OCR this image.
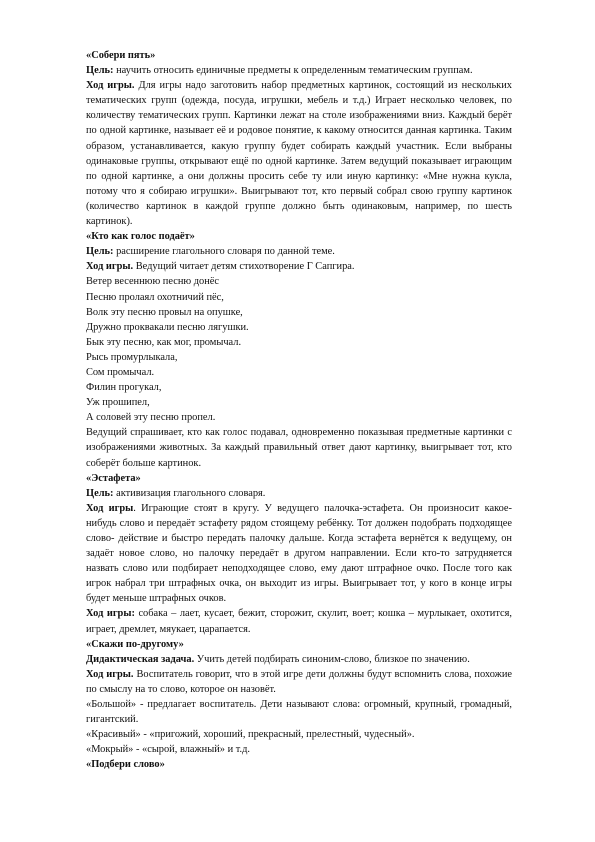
«Собери пять»

Цель: научить относить единичные предметы к определенным тематическим группам.

Ход игры. Для игры надо заготовить набор предметных картинок, состоящий из нескольких тематических групп (одежда, посуда, игрушки, мебель и т.д.) Играет несколько человек, по количеству тематических групп. Картинки лежат на столе изображениями вниз. Каждый берёт по одной картинке, называет её и родовое понятие, к какому относится данная картинка. Таким образом, устанавливается, какую группу будет собирать каждый участник. Если выбраны одинаковые группы, открывают ещё по одной картинке. Затем ведущий показывает играющим по одной картинке, а они должны просить себе ту или иную картинку: «Мне нужна кукла, потому что я собираю игрушки». Выигрывают тот, кто первый собрал свою группу картинок (количество картинок в каждой группе должно быть одинаковым, например, по шесть картинок).

«Кто как голос подаёт»

Цель: расширение глагольного словаря по данной теме.

Ход игры. Ведущий читает детям стихотворение Г Сапгира.

Ветер весеннюю песню донёс

Песню пролаял охотничий пёс,

Волк эту песню провыл на опушке,

Дружно проквакали песню лягушки.

Бык эту песню, как мог, промычал.

Рысь промурлыкала,

Сом промычал.

Филин прогукал,

Уж прошипел,

А соловей эту песню пропел.

Ведущий спрашивает, кто как голос подавал, одновременно показывая предметные картинки с изображениями животных. За каждый правильный ответ дают картинку, выигрывает тот, кто соберёт больше картинок.

«Эстафета»

Цель: активизация глагольного словаря.

Ход игры. Играющие стоят в кругу. У ведущего палочка-эстафета. Он произносит какое-нибудь слово и передаёт эстафету рядом стоящему ребёнку. Тот должен подобрать подходящее слово- действие и быстро передать палочку дальше. Когда эстафета вернётся к ведущему, он задаёт новое слово, но палочку передаёт в другом направлении. Если кто-то затрудняется назвать слово или подбирает неподходящее слово, ему дают штрафное очко. После того как игрок набрал три штрафных очка, он выходит из игры. Выигрывает тот, у кого в конце игры будет меньше штрафных очков.

Ход игры: собака – лает, кусает, бежит, сторожит, скулит, воет; кошка – мурлыкает, охотится, играет, дремлет, мяукает, царапается.

«Скажи по-другому»

Дидактическая задача. Учить детей подбирать синоним-слово, близкое по значению.

Ход игры. Воспитатель говорит, что в этой игре дети должны будут вспомнить слова, похожие по смыслу на то слово, которое он назовёт.

«Большой» - предлагает воспитатель. Дети называют слова: огромный, крупный, громадный, гигантский.

«Красивый» - «пригожий, хороший, прекрасный, прелестный, чудесный».

«Мокрый» - «сырой, влажный» и т.д.

«Подбери слово»
